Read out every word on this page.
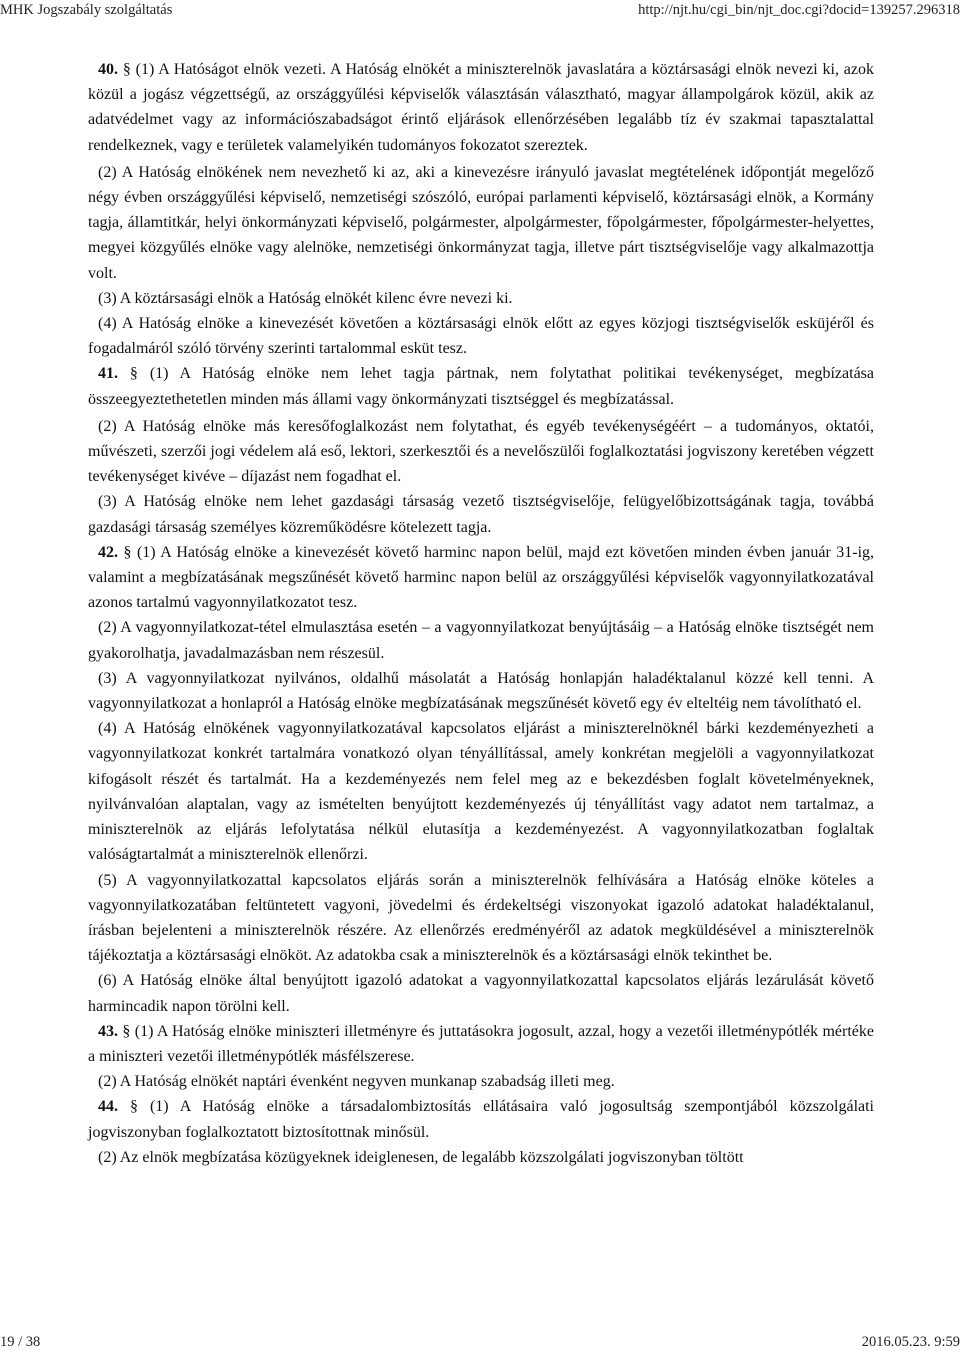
MHK Jogszabály szolgáltatás	http://njt.hu/cgi_bin/njt_doc.cgi?docid=139257.296318

40. § (1) A Hatóságot elnök vezeti. A Hatóság elnökét a miniszterelnök javaslatára a köztársasági elnök nevezi ki, azok közül a jogász végzettségű, az országgyűlési képviselők választásán választható, magyar állampolgárok közül, akik az adatvédelmet vagy az információszabadságot érintő eljárások ellenőrzésében legalább tíz év szakmai tapasztalattal rendelkeznek, vagy e területek valamelyikén tudományos fokozatot szereztek.

(2) A Hatóság elnökének nem nevezhető ki az, aki a kinevezésre irányuló javaslat megtételének időpontját megelőző négy évben országgyűlési képviselő, nemzetiségi szószóló, európai parlamenti képviselő, köztársasági elnök, a Kormány tagja, államtitkár, helyi önkormányzati képviselő, polgármester, alpolgármester, főpolgármester, főpolgármester-helyettes, megyei közgyűlés elnöke vagy alelnöke, nemzetiségi önkormányzat tagja, illetve párt tisztségviselője vagy alkalmazottja volt.

(3) A köztársasági elnök a Hatóság elnökét kilenc évre nevezi ki.

(4) A Hatóság elnöke a kinevezését követően a köztársasági elnök előtt az egyes közjogi tisztségviselők esküjéről és fogadalmáról szóló törvény szerinti tartalommal esküt tesz.

41. § (1) A Hatóság elnöke nem lehet tagja pártnak, nem folytathat politikai tevékenységet, megbízatása összeegyeztethetetlen minden más állami vagy önkormányzati tisztséggel és megbízatással.

(2) A Hatóság elnöke más keresőfoglalkozást nem folytathat, és egyéb tevékenységéért – a tudományos, oktatói, művészeti, szerzői jogi védelem alá eső, lektori, szerkesztői és a nevelőszülői foglalkoztatási jogviszony keretében végzett tevékenységet kivéve – díjazást nem fogadhat el.

(3) A Hatóság elnöke nem lehet gazdasági társaság vezető tisztségviselője, felügyelőbizottságának tagja, továbbá gazdasági társaság személyes közreműködésre kötelezett tagja.

42. § (1) A Hatóság elnöke a kinevezését követő harminc napon belül, majd ezt követően minden évben január 31-ig, valamint a megbízatásának megszűnését követő harminc napon belül az országgyűlési képviselők vagyonnyilatkozatával azonos tartalmú vagyonnyilatkozatot tesz.

(2) A vagyonnyilatkozat-tétel elmulasztása esetén – a vagyonnyilatkozat benyújtásáig – a Hatóság elnöke tisztségét nem gyakorolhatja, javadalmazásban nem részesül.

(3) A vagyonnyilatkozat nyilvános, oldalhű másolatát a Hatóság honlapján haladéktalanul közzé kell tenni. A vagyonnyilatkozat a honlapról a Hatóság elnöke megbízatásának megszűnését követő egy év elteltéig nem távolítható el.

(4) A Hatóság elnökének vagyonnyilatkozatával kapcsolatos eljárást a miniszterelnöknél bárki kezdeményezheti a vagyonnyilatkozat konkrét tartalmára vonatkozó olyan tényállítással, amely konkrétan megjelöli a vagyonnyilatkozat kifogásolt részét és tartalmát. Ha a kezdeményezés nem felel meg az e bekezdésben foglalt követelményeknek, nyilvánvalóan alaptalan, vagy az ismételten benyújtott kezdeményezés új tényállítást vagy adatot nem tartalmaz, a miniszterelnök az eljárás lefolytatása nélkül elutasítja a kezdeményezést. A vagyonnyilatkozatban foglaltak valóságtartalmát a miniszterelnök ellenőrzi.

(5) A vagyonnyilatkozattal kapcsolatos eljárás során a miniszterelnök felhívására a Hatóság elnöke köteles a vagyonnyilatkozatában feltüntetett vagyoni, jövedelmi és érdekeltségi viszonyokat igazoló adatokat haladéktalanul, írásban bejelenteni a miniszterelnök részére. Az ellenőrzés eredményéről az adatok megküldésével a miniszterelnök tájékoztatja a köztársasági elnököt. Az adatokba csak a miniszterelnök és a köztársasági elnök tekinthet be.

(6) A Hatóság elnöke által benyújtott igazoló adatokat a vagyonnyilatkozattal kapcsolatos eljárás lezárulását követő harmincadik napon törölni kell.

43. § (1) A Hatóság elnöke miniszteri illetményre és juttatásokra jogosult, azzal, hogy a vezetői illetménypótlék mértéke a miniszteri vezetői illetménypótlék másfélszerese.

(2) A Hatóság elnökét naptári évenként negyven munkanap szabadság illeti meg.

44. § (1) A Hatóság elnöke a társadalombiztosítás ellátásaira való jogosultság szempontjából közszolgálati jogviszonyban foglalkoztatott biztosítottnak minősül.

(2) Az elnök megbízatása közügyeknek ideiglenesen, de legalább közszolgálati jogviszonyban töltött

19 / 38	2016.05.23. 9:59
